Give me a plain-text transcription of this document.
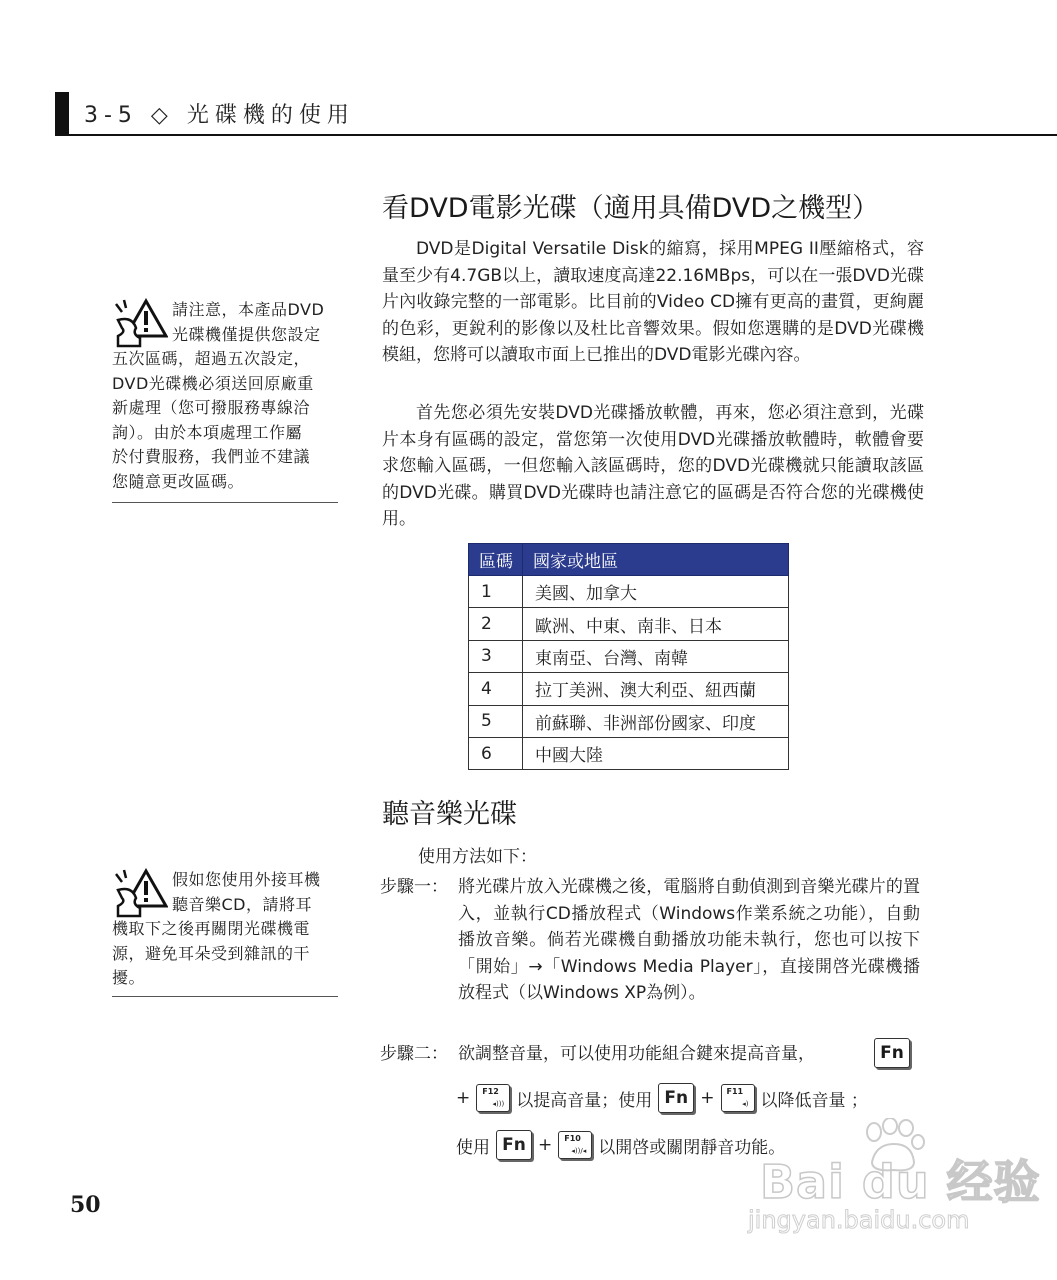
3-5 ◇ 光碟機的使用
請注意，本產品DVD
光碟機僅提供您設定
五次區碼，超過五次設定，
DVD光碟機必須送回原廠重
新處理（您可撥服務專線洽
詢）。由於本項處理工作屬
於付費服務，我們並不建議
您隨意更改區碼。
假如您使用外接耳機
聽音樂CD，請將耳
機取下之後再關閉光碟機電
源，避免耳朵受到雜訊的干
擾。
看DVD電影光碟（適用具備DVD之機型）

DVD是Digital Versatile Disk的縮寫，採用MPEG II壓縮格式，容量至少有4.7GB以上，讀取速度高達22.16MBps，可以在一張DVD光碟片內收錄完整的一部電影。比目前的Video CD擁有更高的畫質，更絢麗的色彩，更銳利的影像以及杜比音響效果。假如您選購的是DVD光碟機模組，您將可以讀取市面上已推出的DVD電影光碟內容。

首先您必須先安裝DVD光碟播放軟體，再來，您必須注意到，光碟片本身有區碼的設定，當您第一次使用DVD光碟播放軟體時，軟體會要求您輸入區碼，一但您輸入該區碼時，您的DVD光碟機就只能讀取該區的DVD光碟。購買DVD光碟時也請注意它的區碼是否符合您的光碟機使用。

區碼	國家或地區
1	美國、加拿大
2	歐洲、中東、南非、日本
3	東南亞、台灣、南韓
4	拉丁美洲、澳大利亞、紐西蘭
5	前蘇聯、非洲部份國家、印度
6	中國大陸
聽音樂光碟
使用方法如下：
步驟一： 將光碟片放入光碟機之後，電腦將自動偵測到音樂光碟片的置入，並執行CD播放程式（Windows作業系統之功能），自動播放音樂。倘若光碟機自動播放功能未執行，您也可以按下「開始」→「Windows Media Player」，直接開啓光碟機播放程式（以Windows XP為例）。
步驟二： 欲調整音量，可以使用功能組合鍵來提高音量，	Fn
+ F12
◂))) 以提高音量；使用 Fn + F11
◂) 以降低音量 ；
使用 Fn + F10
◂))/◂ 以開啓或關閉靜音功能。
50	Bai du 经验
jingyan.baidu.com
